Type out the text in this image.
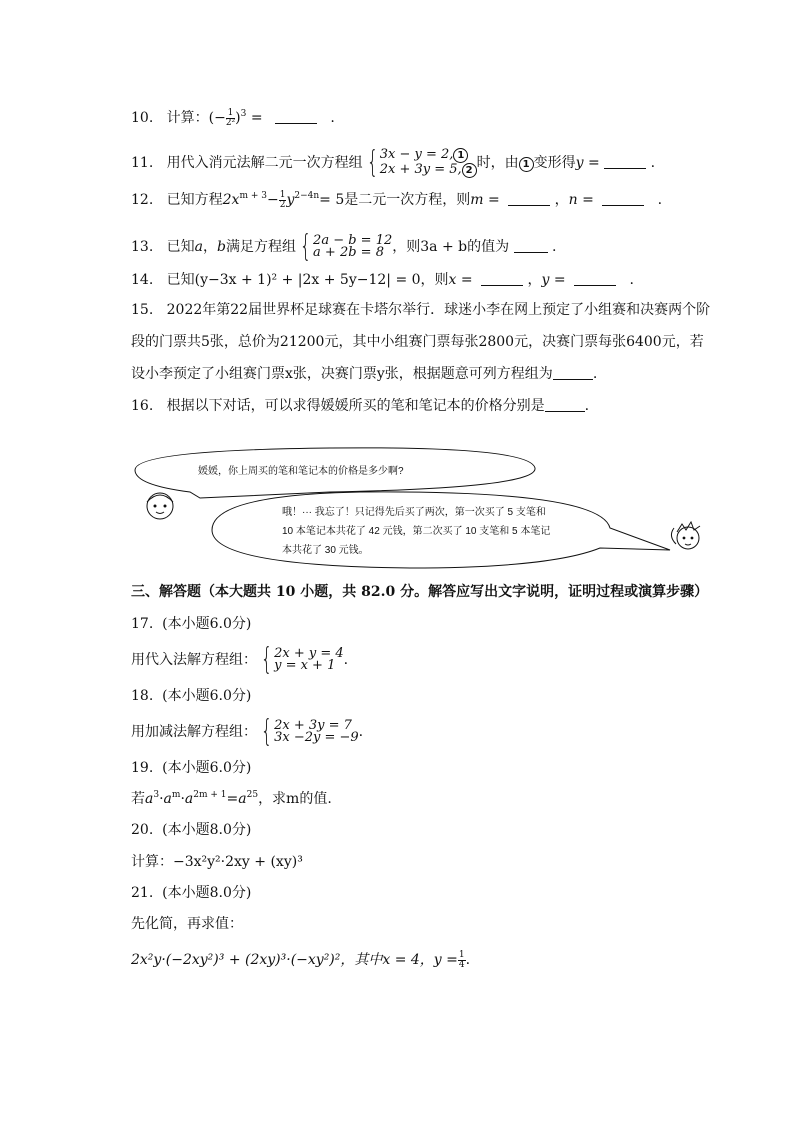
10. 计算：(− $\frac{1}{\text{2²}} )^3$ =	.
11. 用代入消元法解二元一次方程组 { 3x − y = 2, 1
2x + 3y = 5, 2 时，由 1 变形得y =	.
12. 已知方程$2x^{m + 3}- \frac{1}{2} y^{2-4n}= 5$是二元一次方程，则m =	，n =	.
13. 已知a，b满足方程组 { 2a − b = 12
a + 2b = 8 ，则3a + b的值为	.
14. 已知(y−3x + 1)² + |2x + 5y−12| = 0，则x =	，y =	.
15. 2022年第22届世界杯足球赛在卡塔尔举行．球迷小李在网上预定了小组赛和决赛两个阶
段的门票共5张，总价为21200元，其中小组赛门票每张2800元，决赛门票每张6400元，若
设小李预定了小组赛门票x张，决赛门票y张，根据题意可列方程组为	.
16. 根据以下对话，可以求得媛媛所买的笔和笔记本的价格分别是	.
媛媛，你上周买的笔和笔记本的价格是多少啊?
哦！··· 我忘了！只记得先后买了两次，第一次买了 5 支笔和
10 本笔记本共花了 42 元钱，第二次买了 10 支笔和 5 本笔记
本共花了 30 元钱。
三、解答题（本大题共 10 小题，共 82.0 分。解答应写出文字说明，证明过程或演算步骤）
17. (本小题6.0分)
用代入法解方程组： { 2x + y = 4
y = x + 1 .
18. (本小题6.0分)
用加减法解方程组： { 2x + 3y = 7
3x −2y = −9 .
19. (本小题6.0分)
若$a^3\cdot a^m\cdot a^{2m + 1}=a^{25}$，求m的值.
20. (本小题8.0分)
计算：−3x²y²·2xy + (xy)³
21. (本小题8.0分)
先化简，再求值：
2x²y·(−2xy²)³ + (2xy)³·(−xy²)²，其中x = 4，$y = \frac{1}{4}$ .
